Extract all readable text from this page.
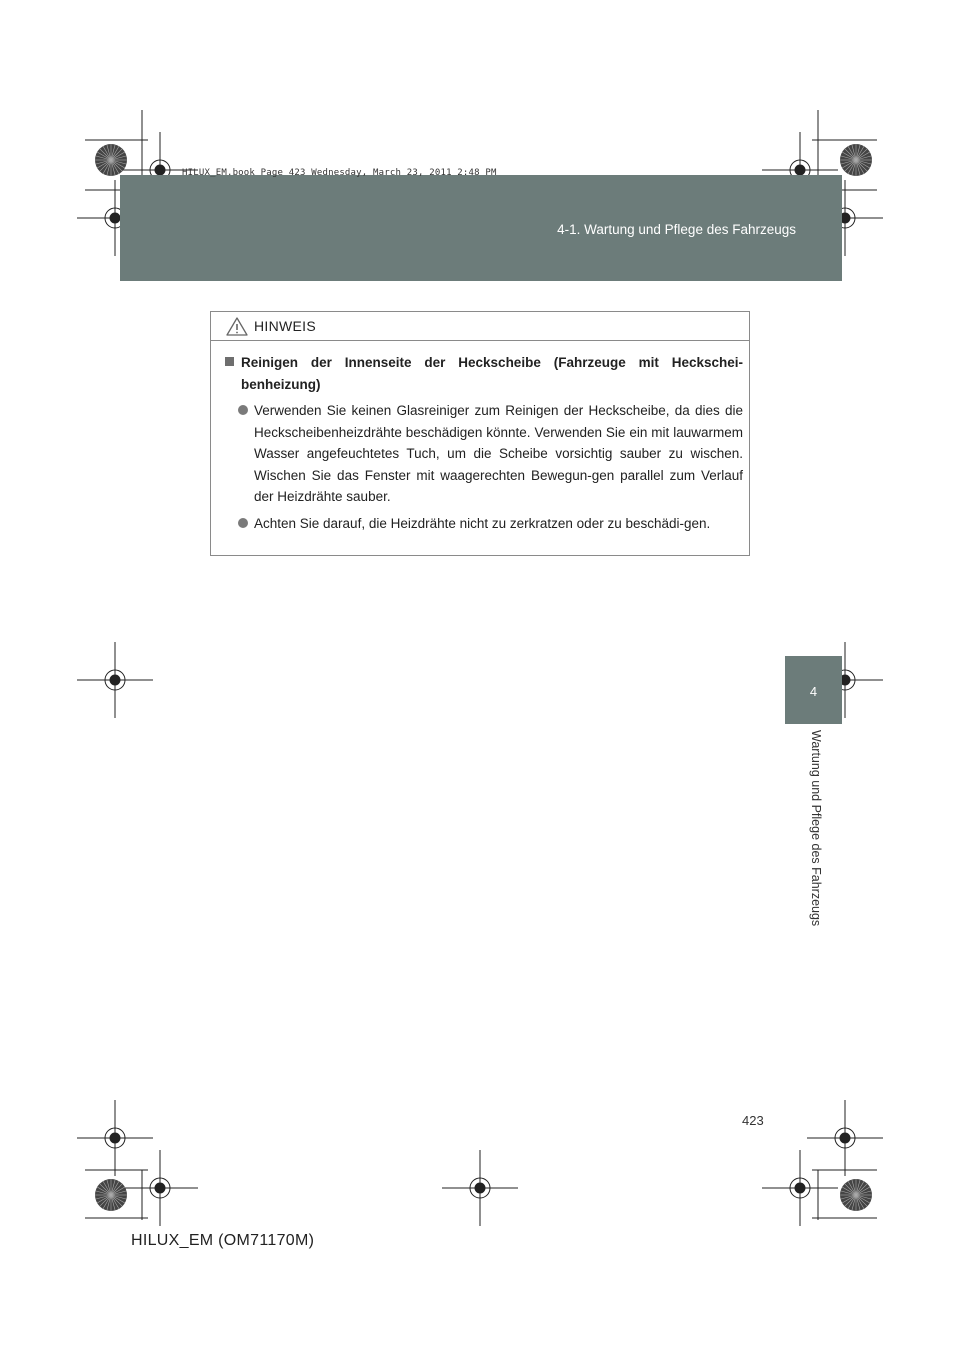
4-1. Wartung und Pflege des Fahrzeugs
HILUX_EM.book Page 423 Wednesday, March 23, 2011 2:48 PM
4
Wartung und Pflege des Fahrzeugs
HINWEIS
Reinigen der Innenseite der Heckscheibe (Fahrzeuge mit Heckschei-benheizung)
Verwenden Sie keinen Glasreiniger zum Reinigen der Heckscheibe, da dies die Heckscheibenheizdrähte beschädigen könnte. Verwenden Sie ein mit lauwarmem Wasser angefeuchtetes Tuch, um die Scheibe vorsichtig sauber zu wischen. Wischen Sie das Fenster mit waagerechten Bewegun-gen parallel zum Verlauf der Heizdrähte sauber.
Achten Sie darauf, die Heizdrähte nicht zu zerkratzen oder zu beschädi-gen.
423
HILUX_EM (OM71170M)
